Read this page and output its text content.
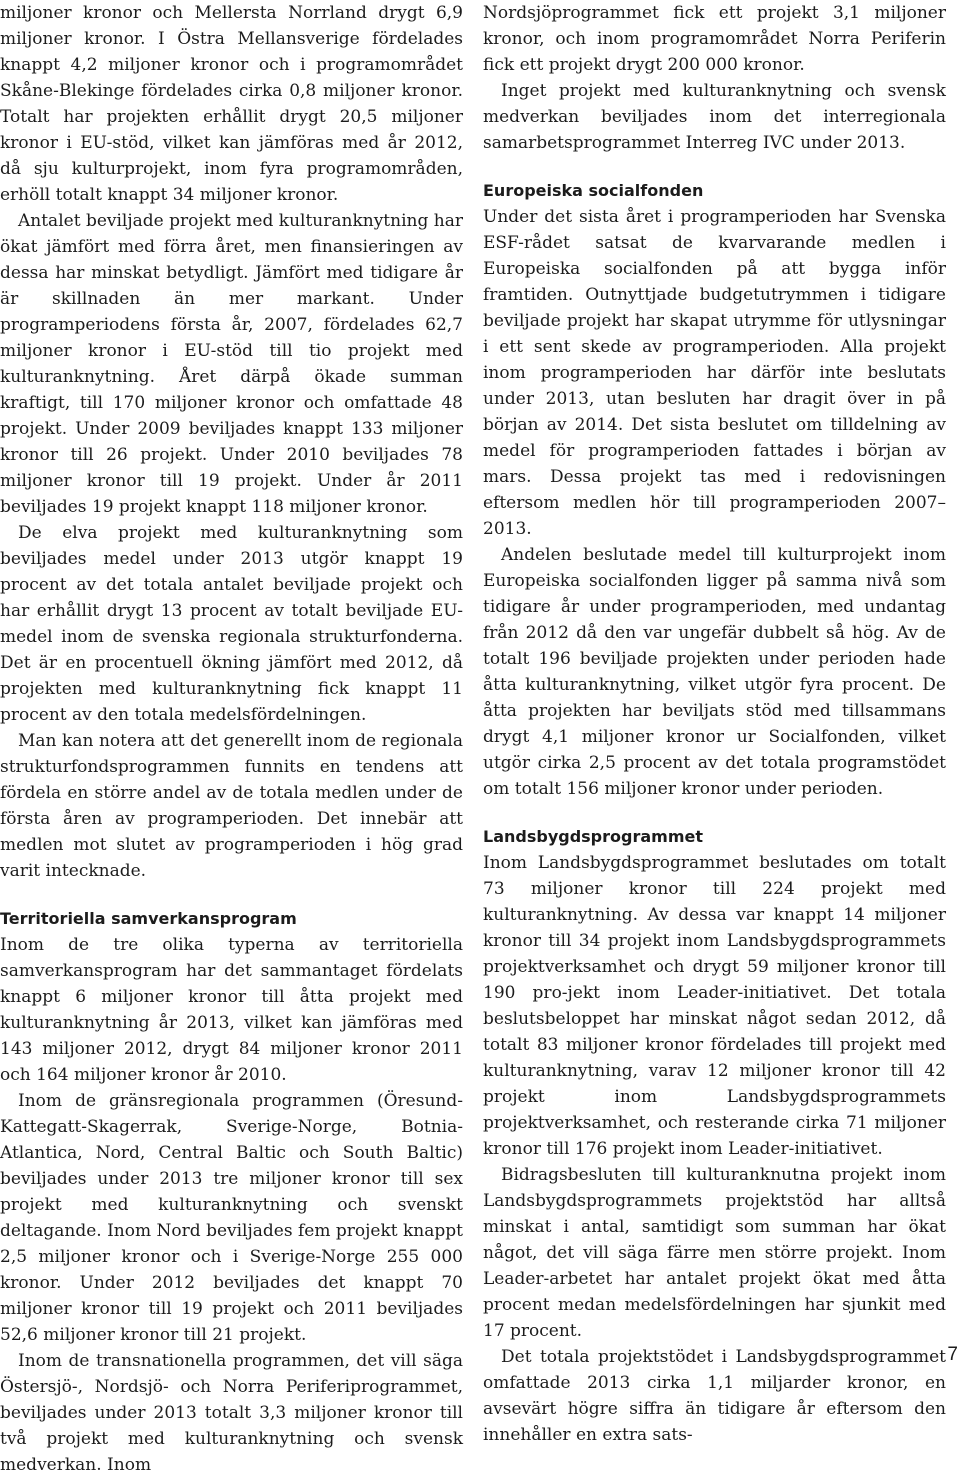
miljoner kronor och Mellersta Norrland drygt 6,9 miljoner kronor. I Östra Mellansverige fördelades knappt 4,2 miljoner kronor och i programområdet Skåne-Blekinge fördelades cirka 0,8 miljoner kronor. Totalt har projekten erhållit drygt 20,5 miljoner kronor i EU-stöd, vilket kan jämföras med år 2012, då sju kulturprojekt, inom fyra programområden, erhöll totalt knappt 34 miljoner kronor.

Antalet beviljade projekt med kulturanknytning har ökat jämfört med förra året, men finansieringen av dessa har minskat betydligt. Jämfört med tidigare år är skillnaden än mer markant. Under programperiodens första år, 2007, fördelades 62,7 miljoner kronor i EU-stöd till tio projekt med kulturanknytning. Året därpå ökade summan kraftigt, till 170 miljoner kronor och omfattade 48 projekt. Under 2009 beviljades knappt 133 miljoner kronor till 26 projekt. Under 2010 beviljades 78 miljoner kronor till 19 projekt. Under år 2011 beviljades 19 projekt knappt 118 miljoner kronor.

De elva projekt med kulturanknytning som beviljades medel under 2013 utgör knappt 19 procent av det totala antalet beviljade projekt och har erhållit drygt 13 procent av totalt beviljade EU-medel inom de svenska regionala strukturfonderna. Det är en procentuell ökning jämfört med 2012, då projekten med kulturanknytning fick knappt 11 procent av den totala medelsfördelningen.

Man kan notera att det generellt inom de regionala strukturfondsprogrammen funnits en tendens att fördela en större andel av de totala medlen under de första åren av programperioden. Det innebär att medlen mot slutet av programperioden i hög grad varit intecknade.

Territoriella samverkansprogram

Inom de tre olika typerna av territoriella samverkansprogram har det sammantaget fördelats knappt 6 miljoner kronor till åtta projekt med kulturanknytning år 2013, vilket kan jämföras med 143 miljoner 2012, drygt 84 miljoner kronor 2011 och 164 miljoner kronor år 2010.

Inom de gränsregionala programmen (Öresund-Kattegatt-Skagerrak, Sverige-Norge, Botnia-Atlantica, Nord, Central Baltic och South Baltic) beviljades under 2013 tre miljoner kronor till sex projekt med kulturanknytning och svenskt deltagande. Inom Nord beviljades fem projekt knappt 2,5 miljoner kronor och i Sverige-Norge 255 000 kronor. Under 2012 beviljades det knappt 70 miljoner kronor till 19 projekt och 2011 beviljades 52,6 miljoner kronor till 21 projekt.

Inom de transnationella programmen, det vill säga Östersjö-, Nordsjö- och Norra Periferiprogrammet, beviljades under 2013 totalt 3,3 miljoner kronor till två projekt med kulturanknytning och svensk medverkan. Inom

Nordsjöprogrammet fick ett projekt 3,1 miljoner kronor, och inom programområdet Norra Periferin fick ett projekt drygt 200 000 kronor.

Inget projekt med kulturanknytning och svensk medverkan beviljades inom det interregionala samarbetsprogrammet Interreg IVC under 2013.

Europeiska socialfonden

Under det sista året i programperioden har Svenska ESF-rådet satsat de kvarvarande medlen i Europeiska socialfonden på att bygga inför framtiden. Outnyttjade budgetutrymmen i tidigare beviljade projekt har skapat utrymme för utlysningar i ett sent skede av programperioden. Alla projekt inom programperioden har därför inte beslutats under 2013, utan besluten har dragit över in på början av 2014. Det sista beslutet om tilldelning av medel för programperioden fattades i början av mars. Dessa projekt tas med i redovisningen eftersom medlen hör till programperioden 2007–2013.

Andelen beslutade medel till kulturprojekt inom Europeiska socialfonden ligger på samma nivå som tidigare år under programperioden, med undantag från 2012 då den var ungefär dubbelt så hög. Av de totalt 196 beviljade projekten under perioden hade åtta kulturanknytning, vilket utgör fyra procent. De åtta projekten har beviljats stöd med tillsammans drygt 4,1 miljoner kronor ur Socialfonden, vilket utgör cirka 2,5 procent av det totala programstödet om totalt 156 miljoner kronor under perioden.

Landsbygdsprogrammet

Inom Landsbygdsprogrammet beslutades om totalt 73 miljoner kronor till 224 projekt med kulturanknytning. Av dessa var knappt 14 miljoner kronor till 34 projekt inom Landsbygdsprogrammets projektverksamhet och drygt 59 miljoner kronor till 190 pro-jekt inom Leader-initiativet. Det totala beslutsbeloppet har minskat något sedan 2012, då totalt 83 miljoner kronor fördelades till projekt med kulturanknytning, varav 12 miljoner kronor till 42 projekt inom Landsbygdsprogrammets projektverksamhet, och resterande cirka 71 miljoner kronor till 176 projekt inom Leader-initiativet.

Bidragsbesluten till kulturanknutna projekt inom Landsbygdsprogrammets projektstöd har alltså minskat i antal, samtidigt som summan har ökat något, det vill säga färre men större projekt. Inom Leader-arbetet har antalet projekt ökat med åtta procent medan medelsfördelningen har sjunkit med 17 procent.

Det totala projektstödet i Landsbygdsprogrammet omfattade 2013 cirka 1,1 miljarder kronor, en avsevärt högre siffra än tidigare år eftersom den innehåller en extra sats-

7
